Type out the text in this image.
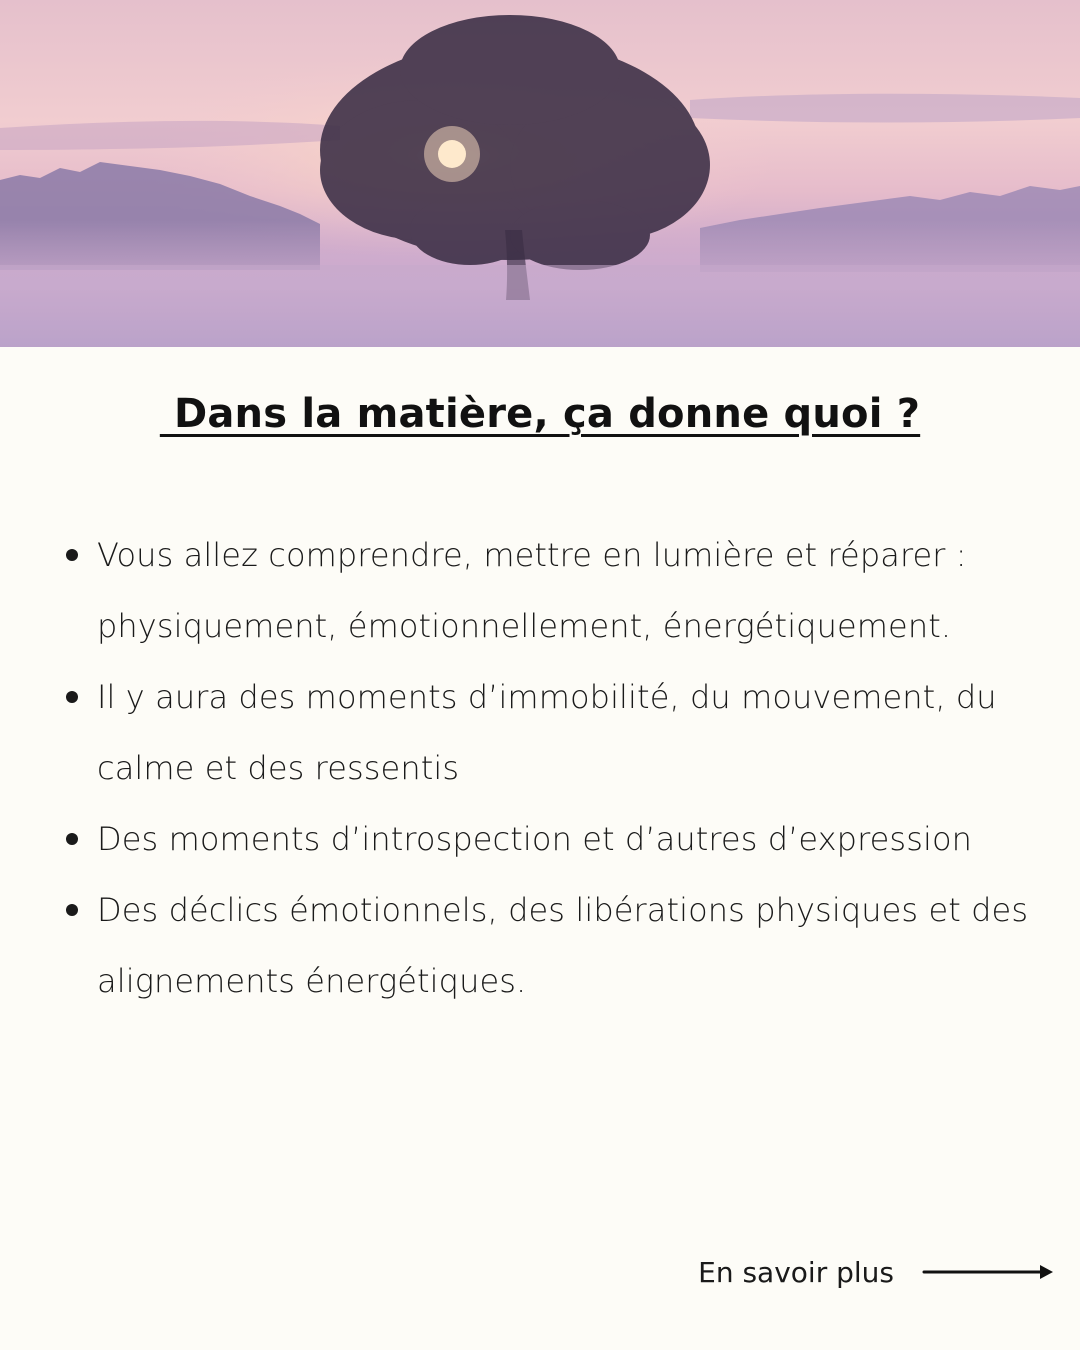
Dans la matière, ça donne quoi ?
Vous allez comprendre, mettre en lumière et réparer : physiquement, émotionnellement, énergétiquement.
Il y aura des moments d’immobilité, du mouvement, du calme et des ressentis
Des moments d’introspection et d’autres d’expression
Des déclics émotionnels, des libérations physiques et des alignements énergétiques.
En savoir plus
